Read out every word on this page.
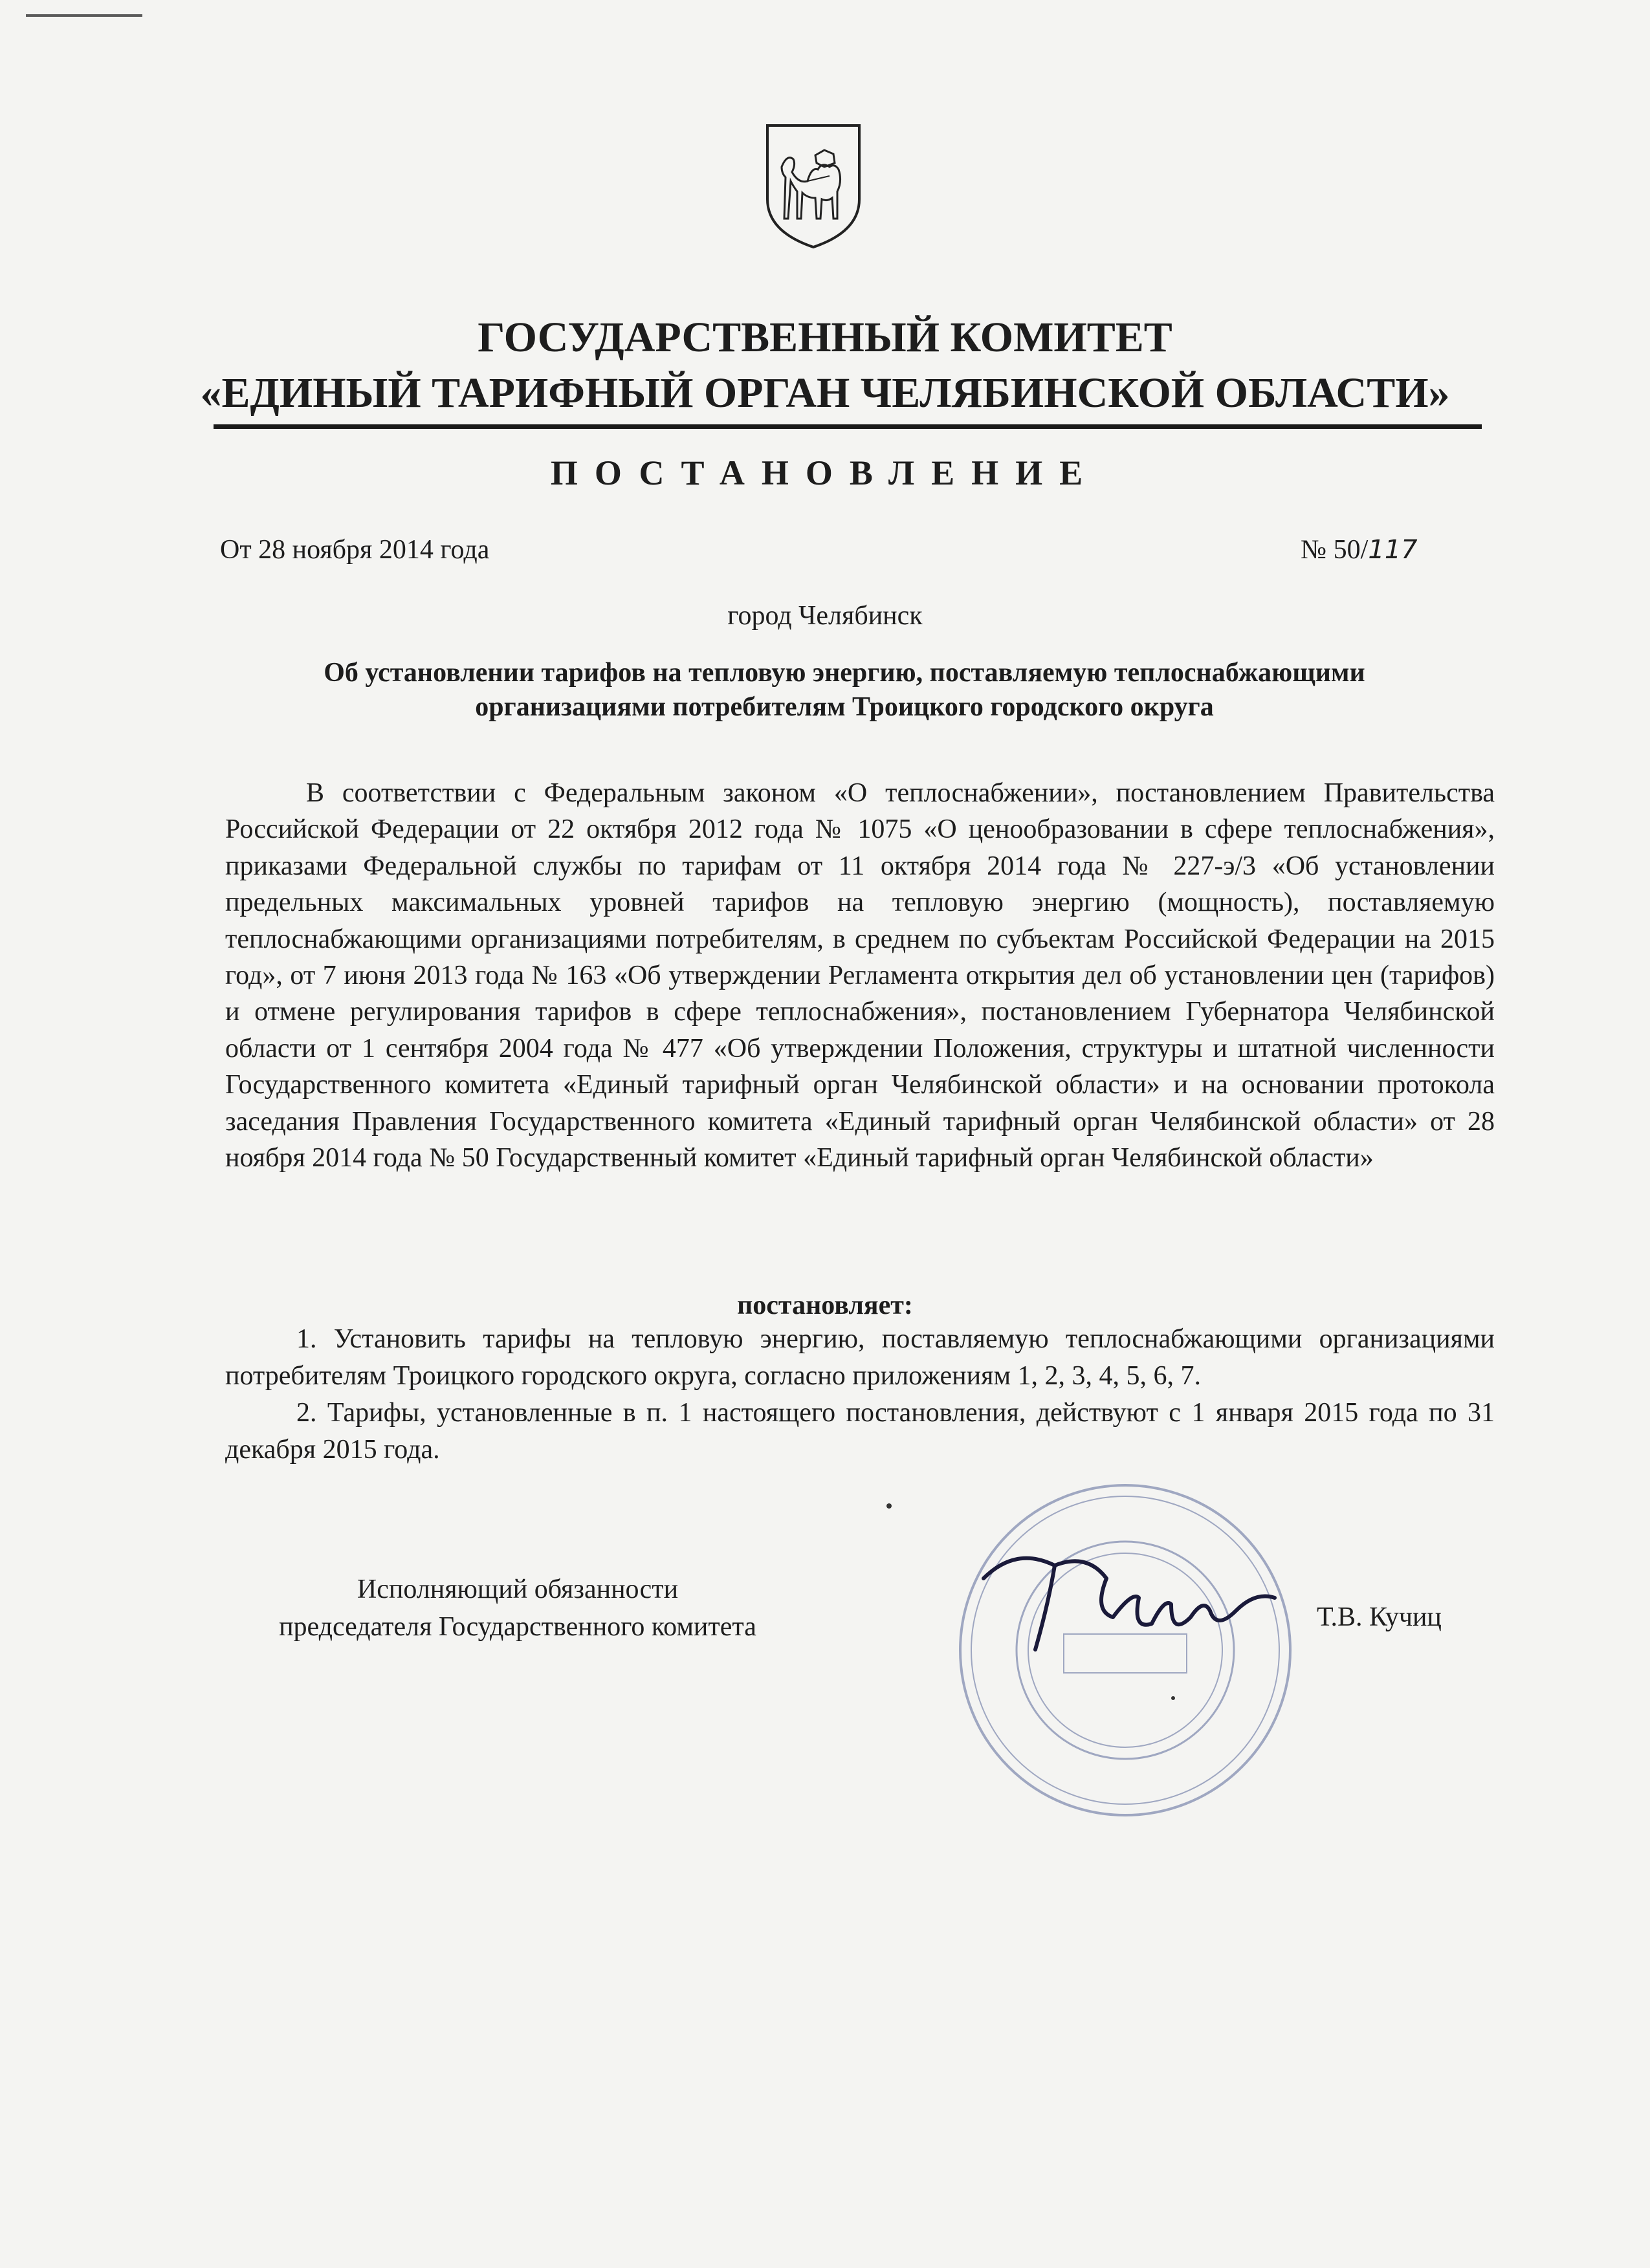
ГОСУДАРСТВЕННЫЙ КОМИТЕТ
«ЕДИНЫЙ ТАРИФНЫЙ ОРГАН ЧЕЛЯБИНСКОЙ ОБЛАСТИ»
ПОСТАНОВЛЕНИЕ
От 28 ноября 2014 года	№ 50/117
город Челябинск
Об установлении тарифов на тепловую энергию, поставляемую теплоснабжающими организациями потребителям Троицкого городского округа

В соответствии с Федеральным законом «О теплоснабжении», постановлением Правительства Российской Федерации от 22 октября 2012 года № 1075 «О ценообразовании в сфере теплоснабжения», приказами Федеральной службы по тарифам от 11 октября 2014 года № 227-э/3 «Об установлении предельных максимальных уровней тарифов на тепловую энергию (мощность), поставляемую теплоснабжающими организациями потребителям, в среднем по субъектам Российской Федерации на 2015 год», от 7 июня 2013 года № 163 «Об утверждении Регламента открытия дел об установлении цен (тарифов) и отмене регулирования тарифов в сфере теплоснабжения», постановлением Губернатора Челябинской области от 1 сентября 2004 года № 477 «Об утверждении Положения, структуры и штатной численности Государственного комитета «Единый тарифный орган Челябинской области» и на основании протокола заседания Правления Государственного комитета «Единый тарифный орган Челябинской области» от 28 ноября 2014 года № 50 Государственный комитет «Единый тарифный орган Челябинской области»

постановляет:

1. Установить тарифы на тепловую энергию, поставляемую теплоснабжающими организациями потребителям Троицкого городского округа, согласно приложениям 1, 2, 3, 4, 5, 6, 7.

2. Тарифы, установленные в п. 1 настоящего постановления, действуют с 1 января 2015 года по 31 декабря 2015 года.

Исполняющий обязанности
председателя Государственного комитета	Т.В. Кучиц
